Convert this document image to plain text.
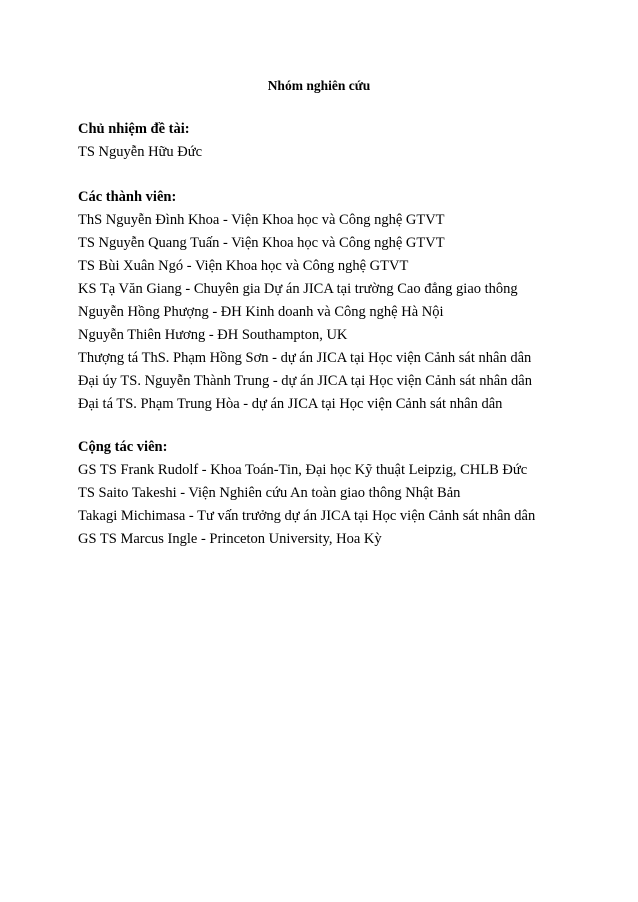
Nhóm nghiên cứu
Chủ nhiệm đề tài:
TS Nguyễn Hữu Đức
Các thành viên:
ThS Nguyễn Đình Khoa - Viện Khoa học và Công nghệ GTVT
TS Nguyễn Quang Tuấn - Viện Khoa học và Công nghệ GTVT
TS Bùi Xuân Ngó - Viện Khoa học và Công nghệ GTVT
KS Tạ Văn Giang - Chuyên gia Dự án JICA tại trường Cao đẳng giao thông
Nguyễn Hồng Phượng - ĐH Kinh doanh và Công nghệ Hà Nội
Nguyễn Thiên Hương - ĐH Southampton, UK
Thượng tá ThS. Phạm Hồng Sơn - dự án JICA tại Học viện Cảnh sát nhân dân
Đại úy TS. Nguyễn Thành Trung - dự án JICA tại Học viện Cảnh sát nhân dân
Đại tá TS. Phạm Trung Hòa - dự án JICA tại Học viện Cảnh sát nhân dân
Cộng tác viên:
GS TS Frank Rudolf - Khoa Toán-Tin, Đại học Kỹ thuật Leipzig, CHLB Đức
TS Saito Takeshi - Viện Nghiên cứu An toàn giao thông Nhật Bản
Takagi Michimasa - Tư vấn trưởng dự án JICA tại Học viện Cảnh sát nhân dân
GS TS Marcus Ingle - Princeton University, Hoa Kỳ
